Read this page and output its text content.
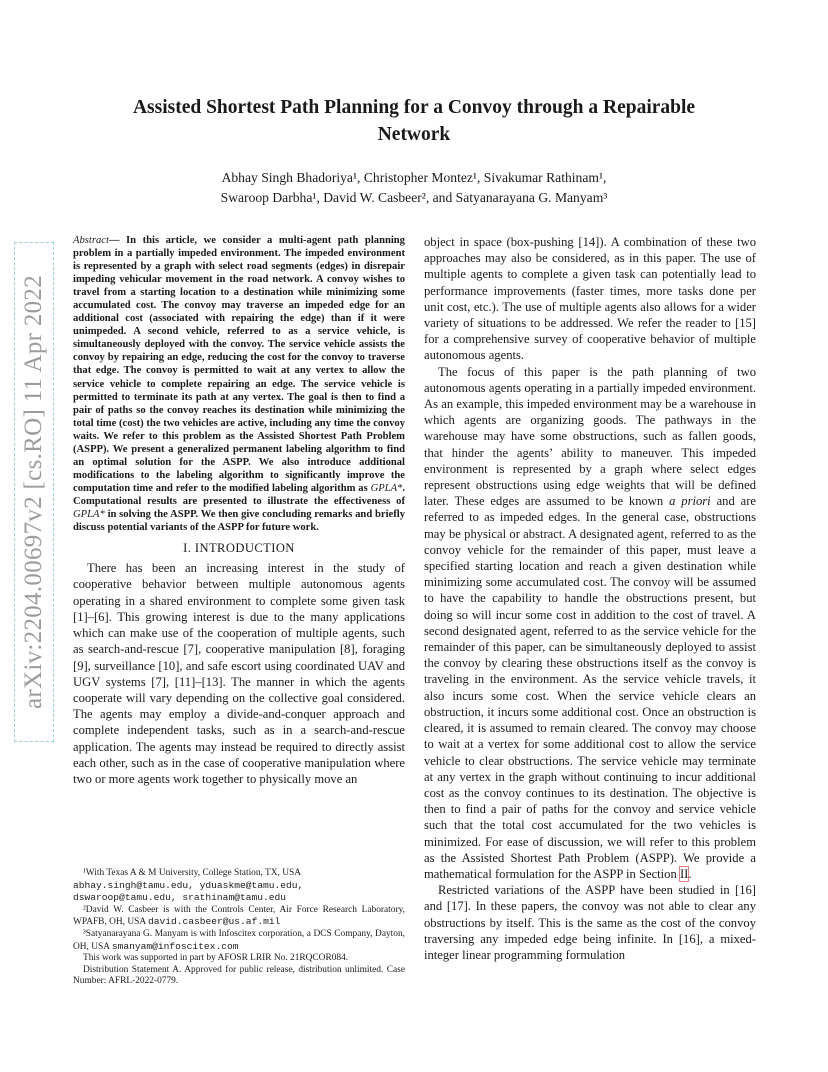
Assisted Shortest Path Planning for a Convoy through a Repairable
Network
Abhay Singh Bhadoriya¹, Christopher Montez¹, Sivakumar Rathinam¹,
Swaroop Darbha¹, David W. Casbeer², and Satyanarayana G. Manyam³
arXiv:2204.00697v2 [cs.RO] 11 Apr 2022
Abstract— In this article, we consider a multi-agent path planning problem in a partially impeded environment. The impeded environment is represented by a graph with select road segments (edges) in disrepair impeding vehicular movement in the road network. A convoy wishes to travel from a starting location to a destination while minimizing some accumulated cost. The convoy may traverse an impeded edge for an additional cost (associated with repairing the edge) than if it were unimpeded. A second vehicle, referred to as a service vehicle, is simultaneously deployed with the convoy. The service vehicle assists the convoy by repairing an edge, reducing the cost for the convoy to traverse that edge. The convoy is permitted to wait at any vertex to allow the service vehicle to complete repairing an edge. The service vehicle is permitted to terminate its path at any vertex. The goal is then to find a pair of paths so the convoy reaches its destination while minimizing the total time (cost) the two vehicles are active, including any time the convoy waits. We refer to this problem as the Assisted Shortest Path Problem (ASPP). We present a generalized permanent labeling algorithm to find an optimal solution for the ASPP. We also introduce additional modifications to the labeling algorithm to significantly improve the computation time and refer to the modified labeling algorithm as GPLA*. Computational results are presented to illustrate the effectiveness of GPLA* in solving the ASPP. We then give concluding remarks and briefly discuss potential variants of the ASPP for future work.
I. INTRODUCTION

There has been an increasing interest in the study of cooperative behavior between multiple autonomous agents operating in a shared environment to complete some given task [1]–[6]. This growing interest is due to the many applications which can make use of the cooperation of multiple agents, such as search-and-rescue [7], cooperative manipulation [8], foraging [9], surveillance [10], and safe escort using coordinated UAV and UGV systems [7], [11]–[13]. The manner in which the agents cooperate will vary depending on the collective goal considered. The agents may employ a divide-and-conquer approach and complete independent tasks, such as in a search-and-rescue application. The agents may instead be required to directly assist each other, such as in the case of cooperative manipulation where two or more agents work together to physically move an

¹With Texas A & M University, College Station, TX, USA
abhay.singh@tamu.edu, yduaskme@tamu.edu,
dswaroop@tamu.edu, srathinam@tamu.edu

²David W. Casbeer is with the Controls Center, Air Force Research Laboratory, WPAFB, OH, USA david.casbeer@us.af.mil

³Satyanarayana G. Manyam is with Infoscitex corporation, a DCS Company, Dayton, OH, USA smanyam@infoscitex.com

This work was supported in part by AFOSR LRIR No. 21RQCOR084.

Distribution Statement A. Approved for public release, distribution unlimited. Case Number: AFRL-2022-0779.

object in space (box-pushing [14]). A combination of these two approaches may also be considered, as in this paper. The use of multiple agents to complete a given task can potentially lead to performance improvements (faster times, more tasks done per unit cost, etc.). The use of multiple agents also allows for a wider variety of situations to be addressed. We refer the reader to [15] for a comprehensive survey of cooperative behavior of multiple autonomous agents.

The focus of this paper is the path planning of two autonomous agents operating in a partially impeded environment. As an example, this impeded environment may be a warehouse in which agents are organizing goods. The pathways in the warehouse may have some obstructions, such as fallen goods, that hinder the agents’ ability to maneuver. This impeded environment is represented by a graph where select edges represent obstructions using edge weights that will be defined later. These edges are assumed to be known a priori and are referred to as impeded edges. In the general case, obstructions may be physical or abstract. A designated agent, referred to as the convoy vehicle for the remainder of this paper, must leave a specified starting location and reach a given destination while minimizing some accumulated cost. The convoy will be assumed to have the capability to handle the obstructions present, but doing so will incur some cost in addition to the cost of travel. A second designated agent, referred to as the service vehicle for the remainder of this paper, can be simultaneously deployed to assist the convoy by clearing these obstructions itself as the convoy is traveling in the environment. As the service vehicle travels, it also incurs some cost. When the service vehicle clears an obstruction, it incurs some additional cost. Once an obstruction is cleared, it is assumed to remain cleared. The convoy may choose to wait at a vertex for some additional cost to allow the service vehicle to clear obstructions. The service vehicle may terminate at any vertex in the graph without continuing to incur additional cost as the convoy continues to its destination. The objective is then to find a pair of paths for the convoy and service vehicle such that the total cost accumulated for the two vehicles is minimized. For ease of discussion, we will refer to this problem as the Assisted Shortest Path Problem (ASPP). We provide a mathematical formulation for the ASPP in Section II.

Restricted variations of the ASPP have been studied in [16] and [17]. In these papers, the convoy was not able to clear any obstructions by itself. This is the same as the cost of the convoy traversing any impeded edge being infinite. In [16], a mixed-integer linear programming formulation
